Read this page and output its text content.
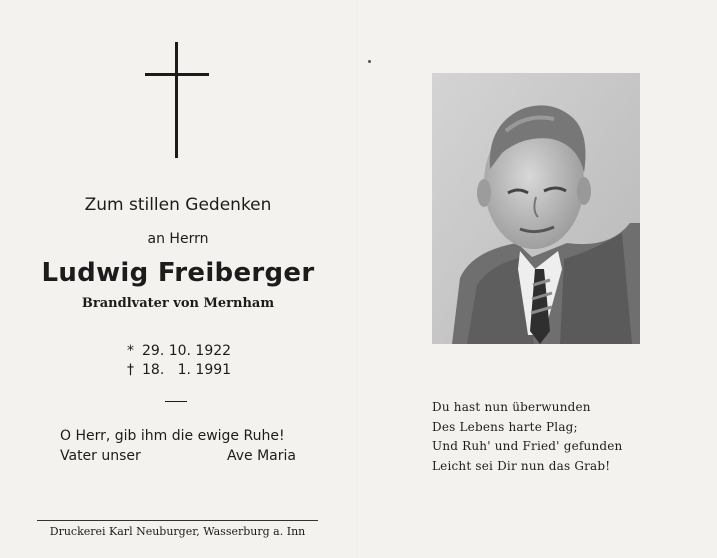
Zum stillen Gedenken
an Herrn
Ludwig Freiberger
Brandlvater von Mernham
* 29. 10. 1922
† 18.   1. 1991
O Herr, gib ihm die ewige Ruhe!
Vater unser	Ave Maria
Druckerei Karl Neuburger, Wasserburg a. Inn
Du hast nun überwunden
Des Lebens harte Plag;
Und Ruh' und Fried' gefunden
Leicht sei Dir nun das Grab!
